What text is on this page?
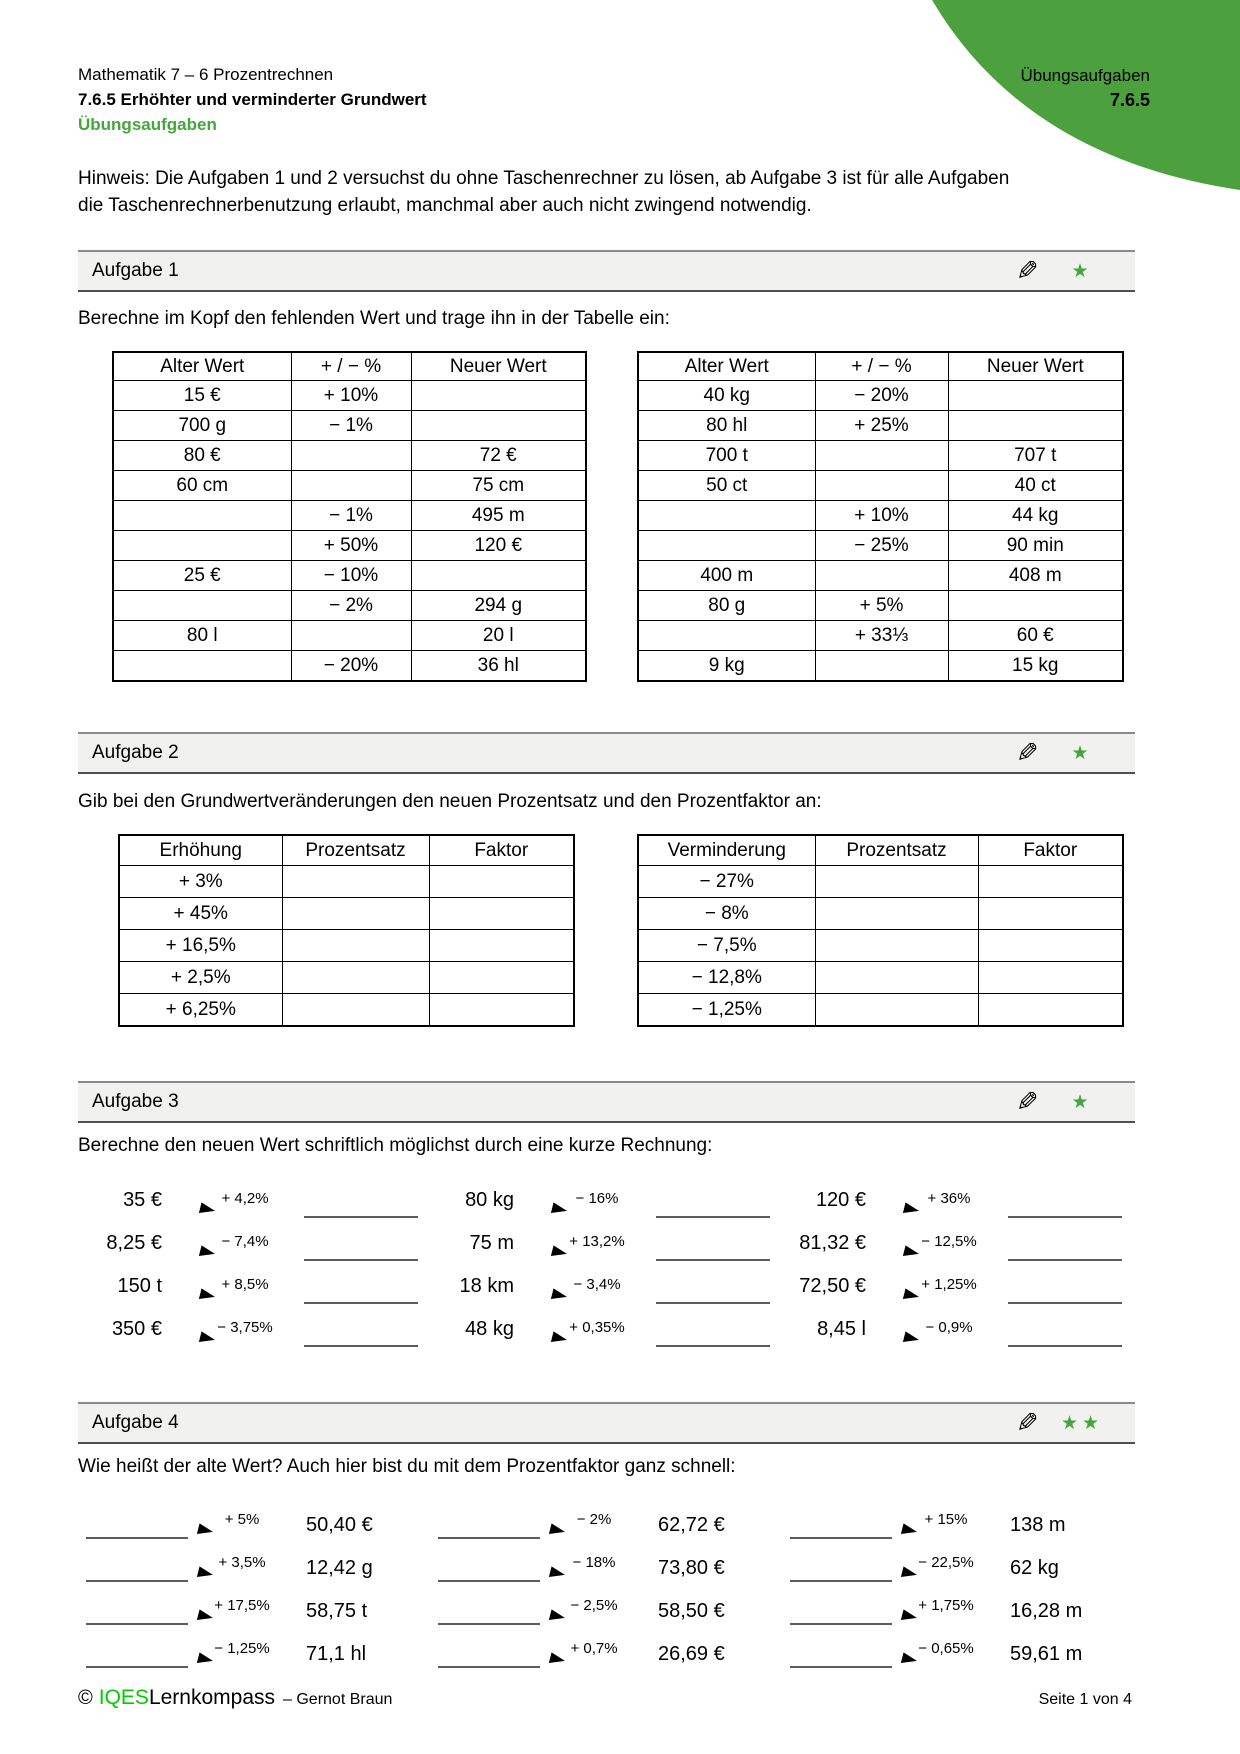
Übungsaufgaben
7.6.5
Mathematik 7 – 6 Prozentrechnen
7.6.5 Erhöhter und verminderter Grundwert
Übungsaufgaben

Hinweis: Die Aufgaben 1 und 2 versuchst du ohne Taschenrechner zu lösen, ab Aufgabe 3 ist für alle Aufgaben die Taschenrechnerbenutzung erlaubt, manchmal aber auch nicht zwingend notwendig.

Aufgabe 1	✎	★

Berechne im Kopf den fehlenden Wert und trage ihn in der Tabelle ein:

Alter Wert	+ / − %	Neuer Wert
15 €	+ 10%	
700 g	− 1%	
80 €		72 €
60 cm		75 cm
	− 1%	495 m
	+ 50%	120 €
25 €	− 10%	
	− 2%	294 g
80 l		20 l
	− 20%	36 hl
Alter Wert	+ / − %	Neuer Wert
40 kg	− 20%	
80 hl	+ 25%	
700 t		707 t
50 ct		40 ct
	+ 10%	44 kg
	− 25%	90 min
400 m		408 m
80 g	+ 5%	
	+ 33⅓	60 €
9 kg		15 kg
Aufgabe 2	✎	★

Gib bei den Grundwertveränderungen den neuen Prozentsatz und den Prozentfaktor an:

Erhöhung	Prozentsatz	Faktor
+ 3%		
+ 45%		
+ 16,5%		
+ 2,5%		
+ 6,25%		
Verminderung	Prozentsatz	Faktor
− 27%		
− 8%		
− 7,5%		
− 12,8%		
− 1,25%		
Aufgabe 3	✎	★

Berechne den neuen Wert schriftlich möglichst durch eine kurze Rechnung:

35 €	+ 4,2%	80 kg	− 16%	120 €	+ 36%
8,25 €	− 7,4%	75 m	+ 13,2%	81,32 €	− 12,5%
150 t	+ 8,5%	18 km	− 3,4%	72,50 €	+ 1,25%
350 €	− 3,75%	48 kg	+ 0,35%	8,45 l	− 0,9%
Aufgabe 4	✎	★★

Wie heißt der alte Wert? Auch hier bist du mit dem Prozentfaktor ganz schnell:

+ 5%	50,40 €	− 2%	62,72 €	+ 15%	138 m
+ 3,5%	12,42 g	− 18%	73,80 €	− 22,5%	62 kg
+ 17,5%	58,75 t	− 2,5%	58,50 €	+ 1,75%	16,28 m
− 1,25%	71,1 hl	+ 0,7%	26,69 €	− 0,65%	59,61 m
© IQES Lernkompass – Gernot Braun	Seite 1 von 4
